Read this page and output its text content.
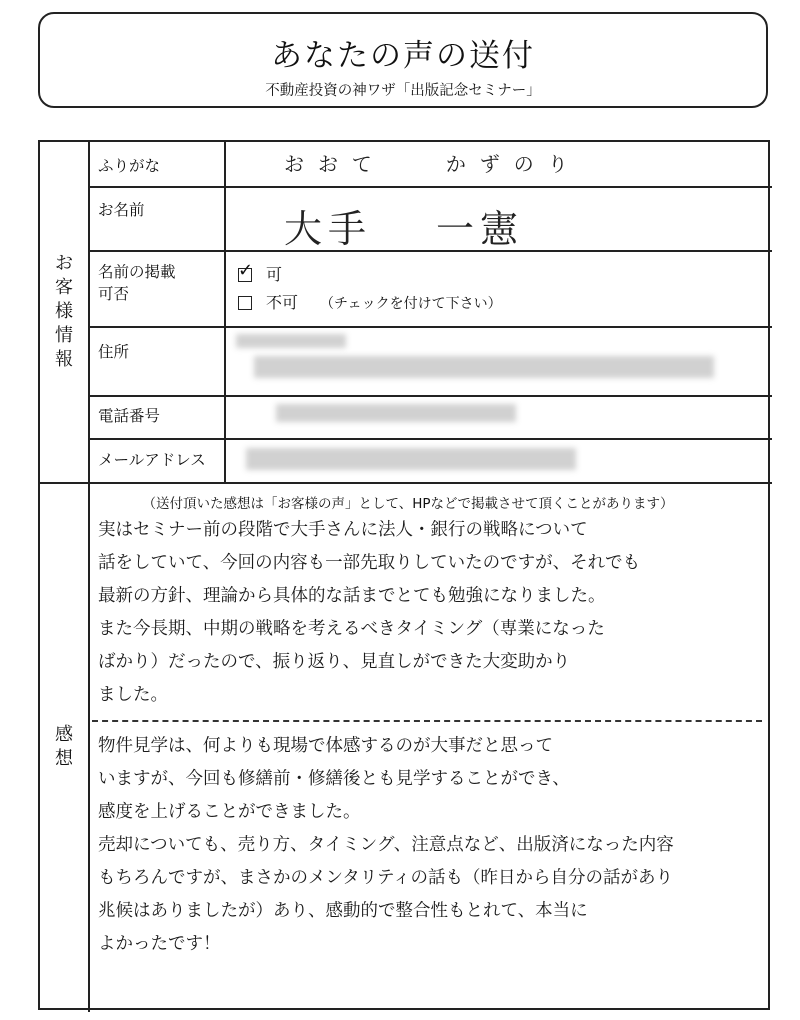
あなたの声の送付
不動産投資の神ワザ「出版記念セミナー」
お
客
様
情
報
感
想
ふりがな
お名前
名前の掲載
可否
住所
電話番号
メールアドレス
おおて	かずのり
大手 一憲
✓ 可
不可 （チェックを付けて下さい）
（送付頂いた感想は「お客様の声」として、HPなどで掲載させて頂くことがあります）
実はセミナー前の段階で大手さんに法人・銀行の戦略について
話をしていて、今回の内容も一部先取りしていたのですが、それでも
最新の方針、理論から具体的な話までとても勉強になりました。
また今長期、中期の戦略を考えるべきタイミング（専業になった
ばかり）だったので、振り返り、見直しができた大変助かり
ました。
物件見学は、何よりも現場で体感するのが大事だと思って
いますが、今回も修繕前・修繕後とも見学することができ、
感度を上げることができました。
売却についても、売り方、タイミング、注意点など、出版済になった内容
もちろんですが、まさかのメンタリティの話も（昨日から自分の話があり
兆候はありましたが）あり、感動的で整合性もとれて、本当に
よかったです！
